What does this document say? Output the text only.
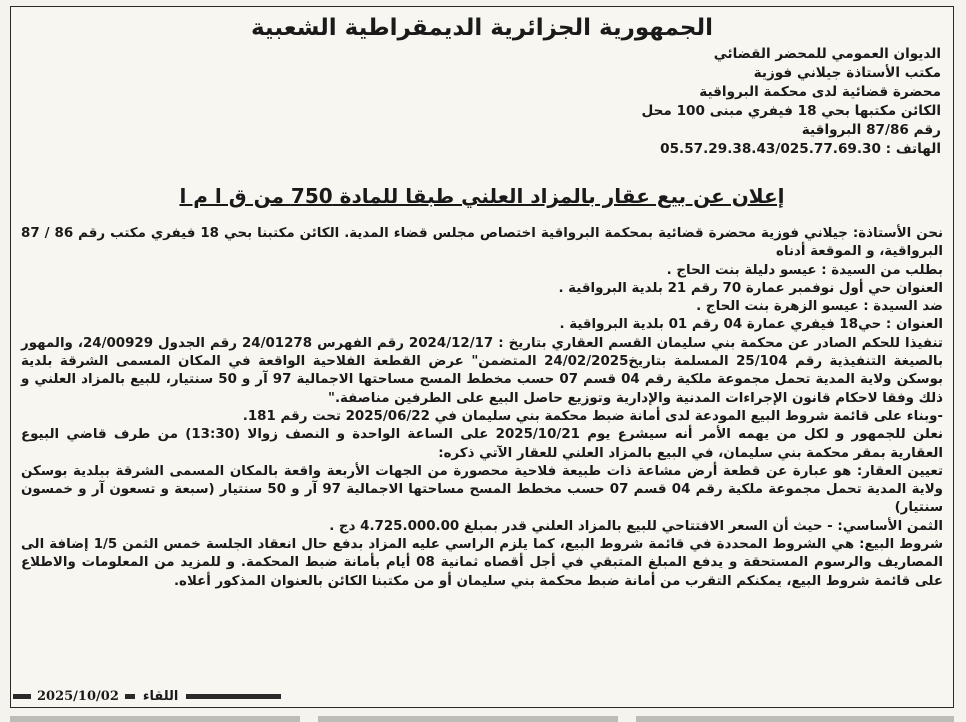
الجمهورية الجزائرية الديمقراطية الشعبية
الديوان العمومي للمحضر القضائي
مكتب الأستاذة جيلاني فوزية
محضرة قضائية لدى محكمة البرواقية
الكائن مكتبها بحي 18 فيفري مبنى 100 محل
رقم 87/86 البرواقية
الهاتف : 05.57.29.38.43/025.77.69.30
إعلان عن بيع عقار بالمزاد العلني طبقا للمادة 750 من ق ا م ا

نحن الأستاذة: جيلاني فوزية محضرة قضائية بمحكمة البرواقية اختصاص مجلس قضاء المدية. الكائن مكتبنا بحي 18 فيفري مكتب رقم 86 / 87 البرواقية، و الموقعة أدناه

بطلب من السيدة : عيسو دليلة بنت الحاج .

العنوان حي أول نوفمبر عمارة 70 رقم 21 بلدية البرواقية .

ضد السيدة : عيسو الزهرة بنت الحاج .

العنوان : حي18 فيفري عمارة 04 رقم 01 بلدية البرواقية .

تنفيذا للحكم الصادر عن محكمة بني سليمان القسم العقاري بتاريخ : 2024/12/17 رقم الفهرس 24/01278 رقم الجدول 24/00929، والمهور بالصيغة التنفيذية رقم 25/104 المسلمة بتاريخ24/02/2025 المتضمن" عرض القطعة الفلاحية الواقعة في المكان المسمى الشرقة بلدية بوسكن ولاية المدية تحمل مجموعة ملكية رقم 04 قسم 07 حسب مخطط المسح مساحتها الاجمالية 97 آر و 50 سنتيار، للبيع بالمزاد العلني و ذلك وفقا لاحكام قانون الإجراءات المدنية والإدارية وتوزيع حاصل البيع على الطرفين مناصفة."

-وبناء على قائمة شروط البيع المودعة لدى أمانة ضبط محكمة بني سليمان في 2025/06/22 تحت رقم 181.

نعلن للجمهور و لكل من يهمه الأمر أنه سيشرع يوم 2025/10/21 على الساعة الواحدة و النصف زوالا (13:30) من طرف قاضي البيوع العقارية بمقر محكمة بني سليمان، في البيع بالمزاد العلني للعقار الآتي ذكره:

تعيين العقار: هو عبارة عن قطعة أرض مشاعة ذات طبيعة فلاحية محصورة من الجهات الأربعة واقعة بالمكان المسمى الشرقة ببلدية بوسكن ولاية المدية تحمل مجموعة ملكية رقم 04 قسم 07 حسب مخطط المسح مساحتها الاجمالية 97 آر و 50 سنتيار (سبعة و تسعون آر و خمسون سنتيار)

الثمن الأساسي: - حيث أن السعر الافتتاحي للبيع بالمزاد العلني قدر بمبلغ 4.725.000.00 دج .

شروط البيع: هي الشروط المحددة في قائمة شروط البيع، كما يلزم الراسي عليه المزاد بدفع حال انعقاد الجلسة خمس الثمن 1/5 إضافة الى المصاريف والرسوم المستحقة و يدفع المبلغ المتبقي في أجل أقصاه ثمانية 08 أيام بأمانة ضبط المحكمة. و للمزيد من المعلومات والاطلاع على قائمة شروط البيع، يمكنكم التقرب من أمانة ضبط محكمة بني سليمان أو من مكتبنا الكائن بالعنوان المذكور أعلاه.

2025/10/02 اللقاء
